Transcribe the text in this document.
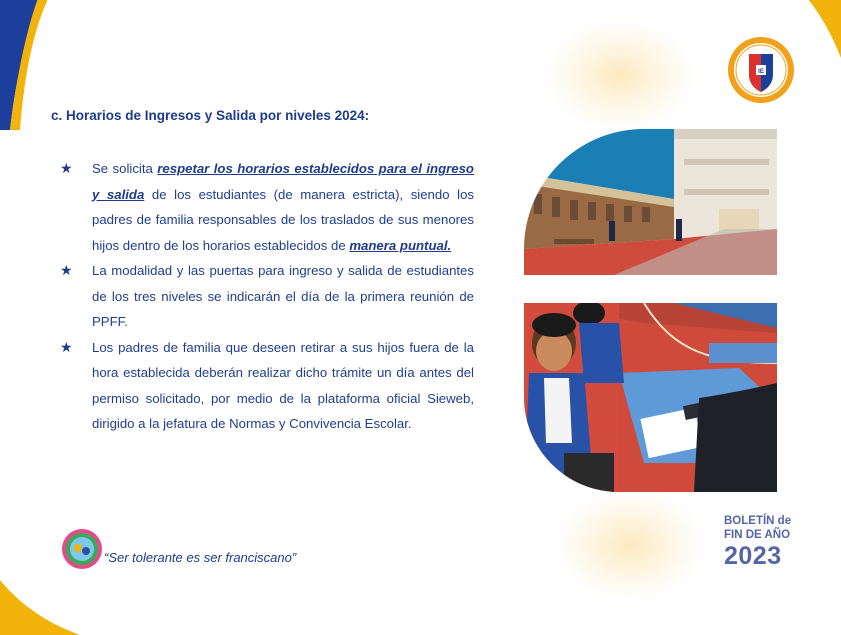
IE
c. Horarios de Ingresos y Salida por niveles 2024:
★ Se solicita respetar los horarios establecidos para el ingreso y salida de los estudiantes (de manera estricta), siendo los padres de familia responsables de los traslados de sus menores hijos dentro de los horarios establecidos de manera puntual.
★ La modalidad y las puertas para ingreso y salida de estudiantes de los tres niveles se indicarán el día de la primera reunión de PPFF.
★ Los padres de familia que deseen retirar a sus hijos fuera de la hora establecida deberán realizar dicho trámite un día antes del permiso solicitado, por medio de la plataforma oficial Sieweb, dirigido a la jefatura de Normas y Convivencia Escolar.
“Ser tolerante es ser franciscano”
BOLETÍN de
FIN DE AÑO
2023
